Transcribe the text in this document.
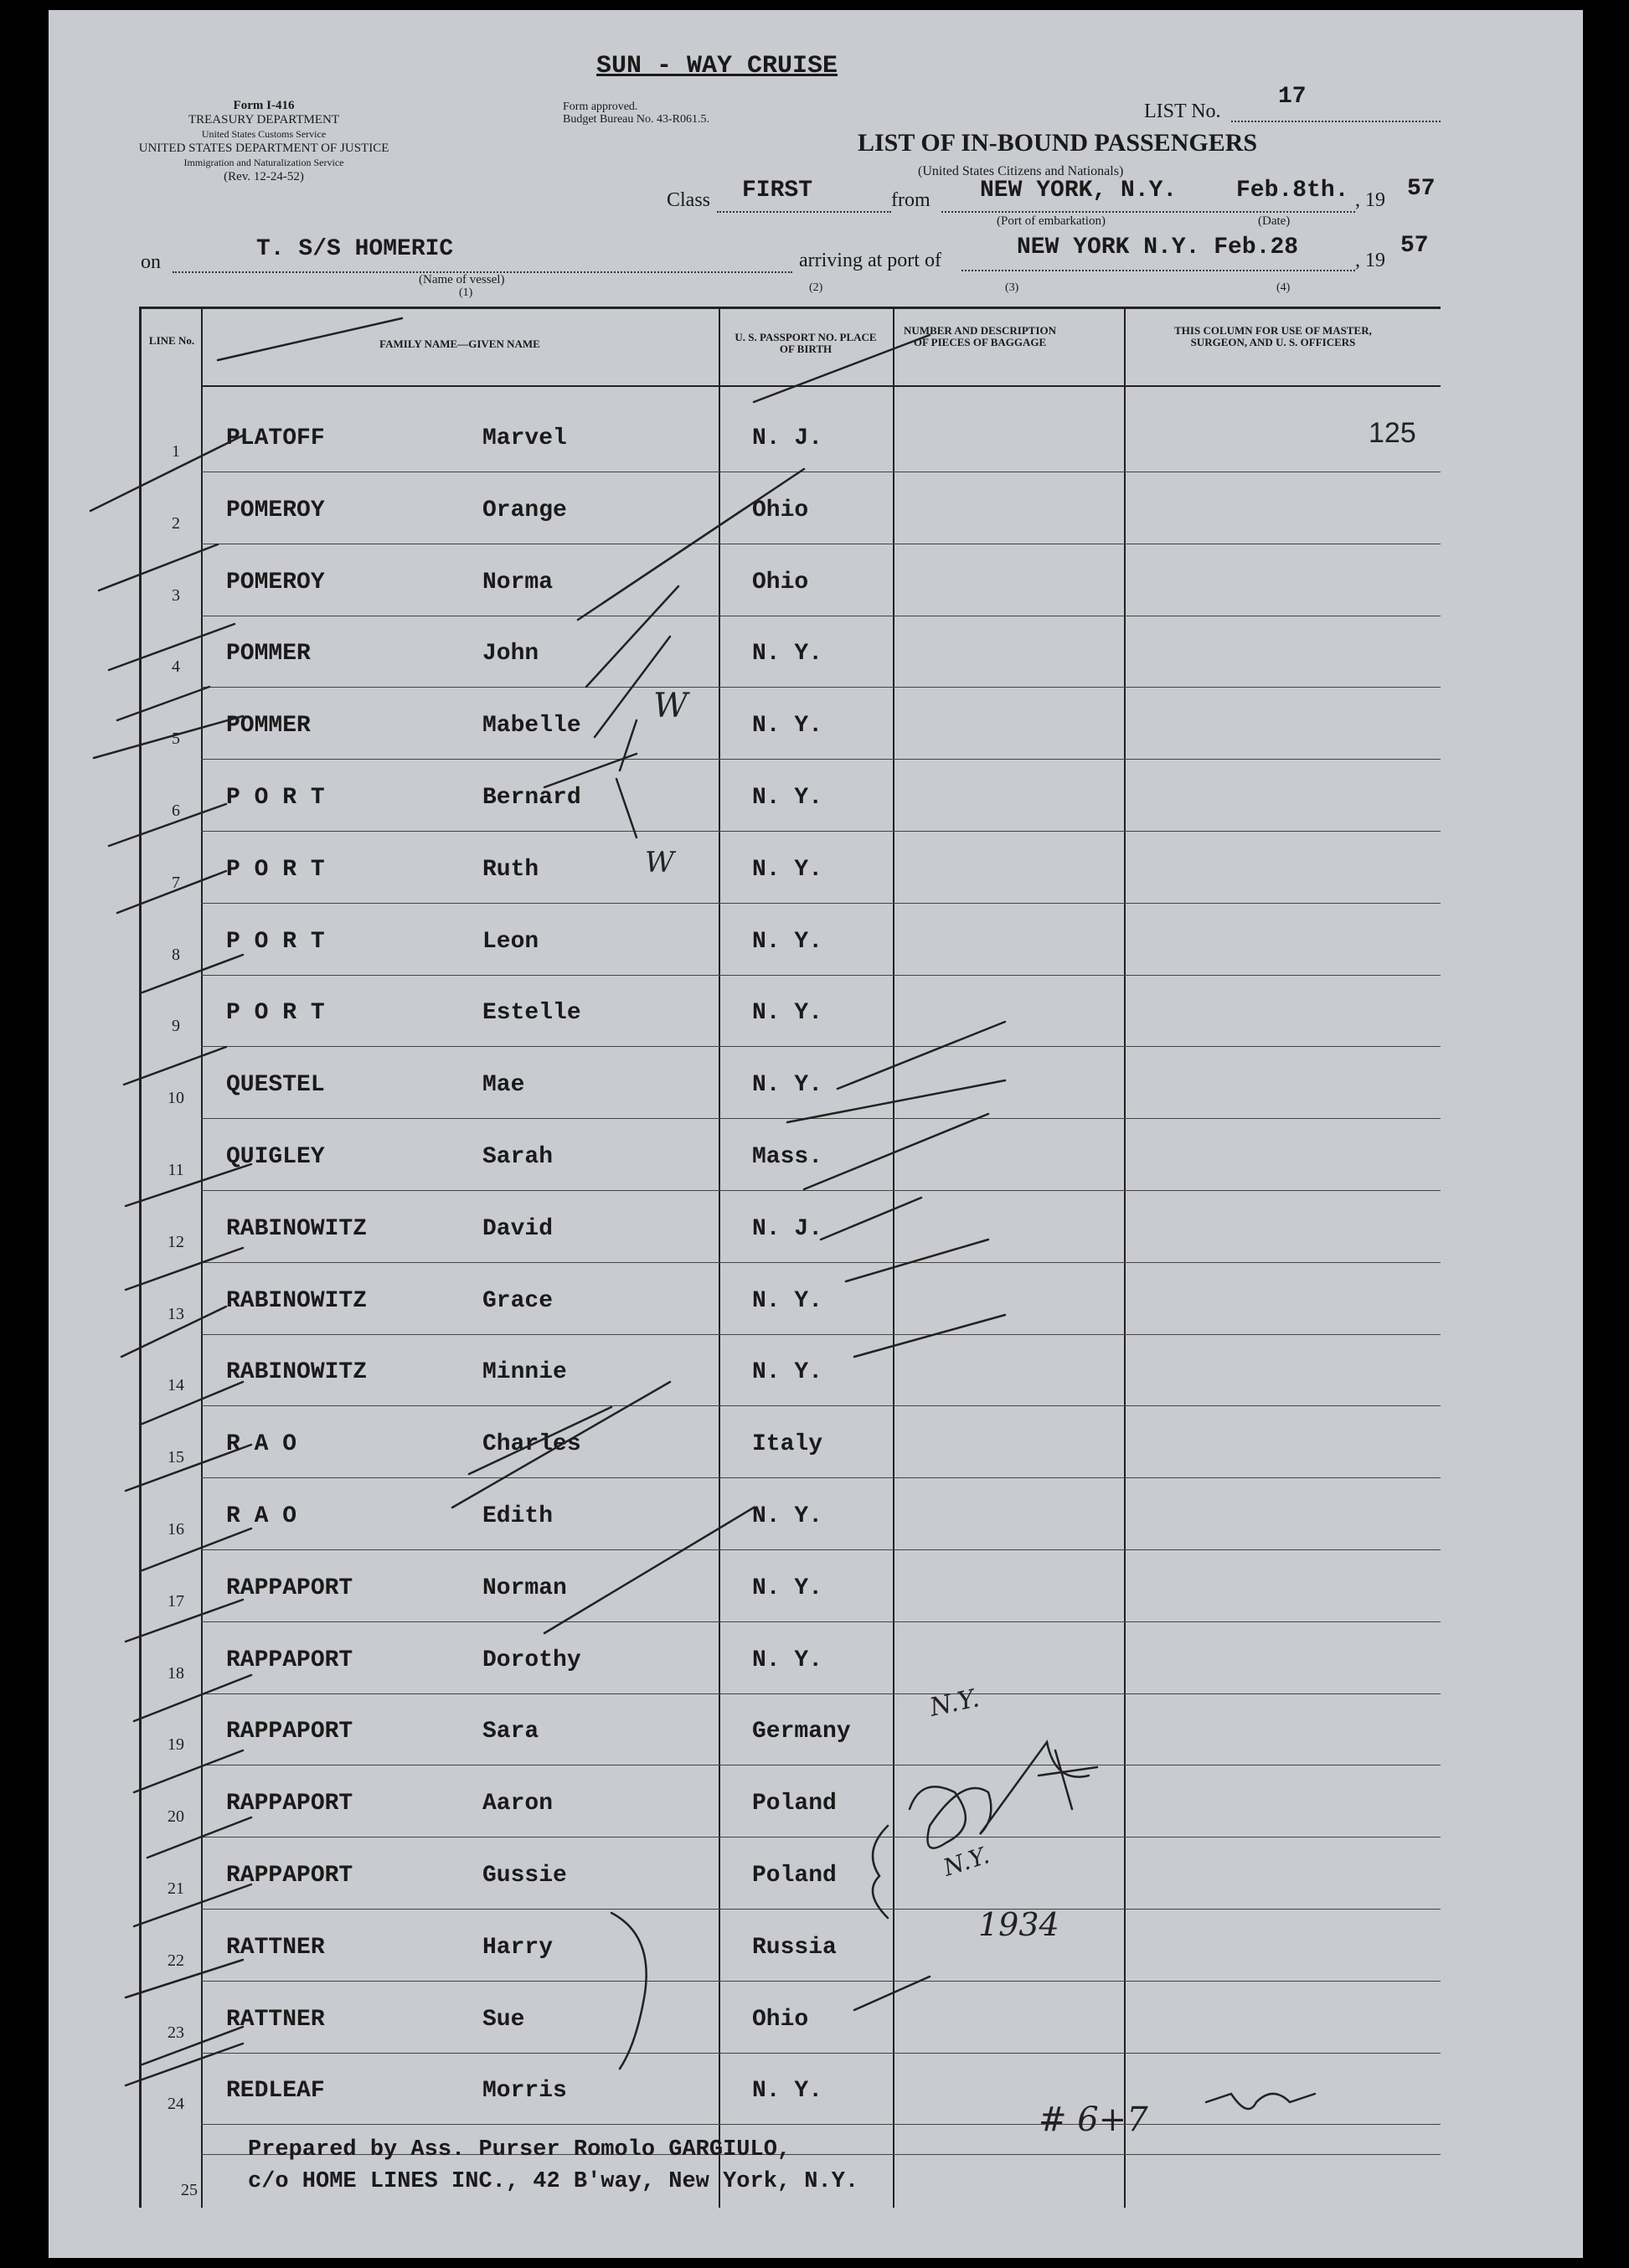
SUN - WAY CRUISE
Form I-416
TREASURY DEPARTMENT
United States Customs Service
UNITED STATES DEPARTMENT OF JUSTICE
Immigration and Naturalization Service
(Rev. 12-24-52)
Form approved.
Budget Bureau No. 43-R061.5.	LIST No.
17
LIST OF IN-BOUND PASSENGERS
(United States Citizens and Nationals)
Class FIRST	from NEW YORK, N.Y.	Feb.8th. , 19 57
(Port of embarkation)	(Date)
on	T. S/S HOMERIC
(Name of vessel)
(1)
arriving at port of	NEW YORK N.Y. Feb.28	, 19
57
(2)	(3)	(4)
LINE No.	FAMILY NAME—GIVEN NAME
U. S. PASSPORT NO. PLACE OF BIRTH
NUMBER AND DESCRIPTION OF PIECES OF BAGGAGE
THIS COLUMN FOR USE OF MASTER, SURGEON, AND U. S. OFFICERS
1	PLATOFF	Marvel	N. J.
2	POMEROY	Orange	Ohio
3	POMEROY	Norma	Ohio
4	POMMER	John	N. Y.
5	POMMER	Mabelle	N. Y.
6	P O R T	Bernard	N. Y.
7	P O R T	Ruth	N. Y.
8	P O R T	Leon	N. Y.
9	P O R T	Estelle	N. Y.
10	QUESTEL	Mae	N. Y.
11	QUIGLEY	Sarah	Mass.
12	RABINOWITZ	David	N. J.
13	RABINOWITZ	Grace	N. Y.
14	RABINOWITZ	Minnie	N. Y.
15	R A O	Charles	Italy
16	R A O	Edith	N. Y.
17	RAPPAPORT	Norman	N. Y.
18	RAPPAPORT	Dorothy	N. Y.
19	RAPPAPORT	Sara	Germany
20	RAPPAPORT	Aaron	Poland
21	RAPPAPORT	Gussie	Poland
22	RATTNER	Harry	Russia
23	RATTNER	Sue	Ohio
24	REDLEAF	Morris	N. Y.
125
25
Prepared by Ass. Purser Romolo GARGIULO,
c/o HOME LINES INC., 42 B'way, New York, N.Y.
W
W
N.Y.
N.Y.
1934
# 6+7
